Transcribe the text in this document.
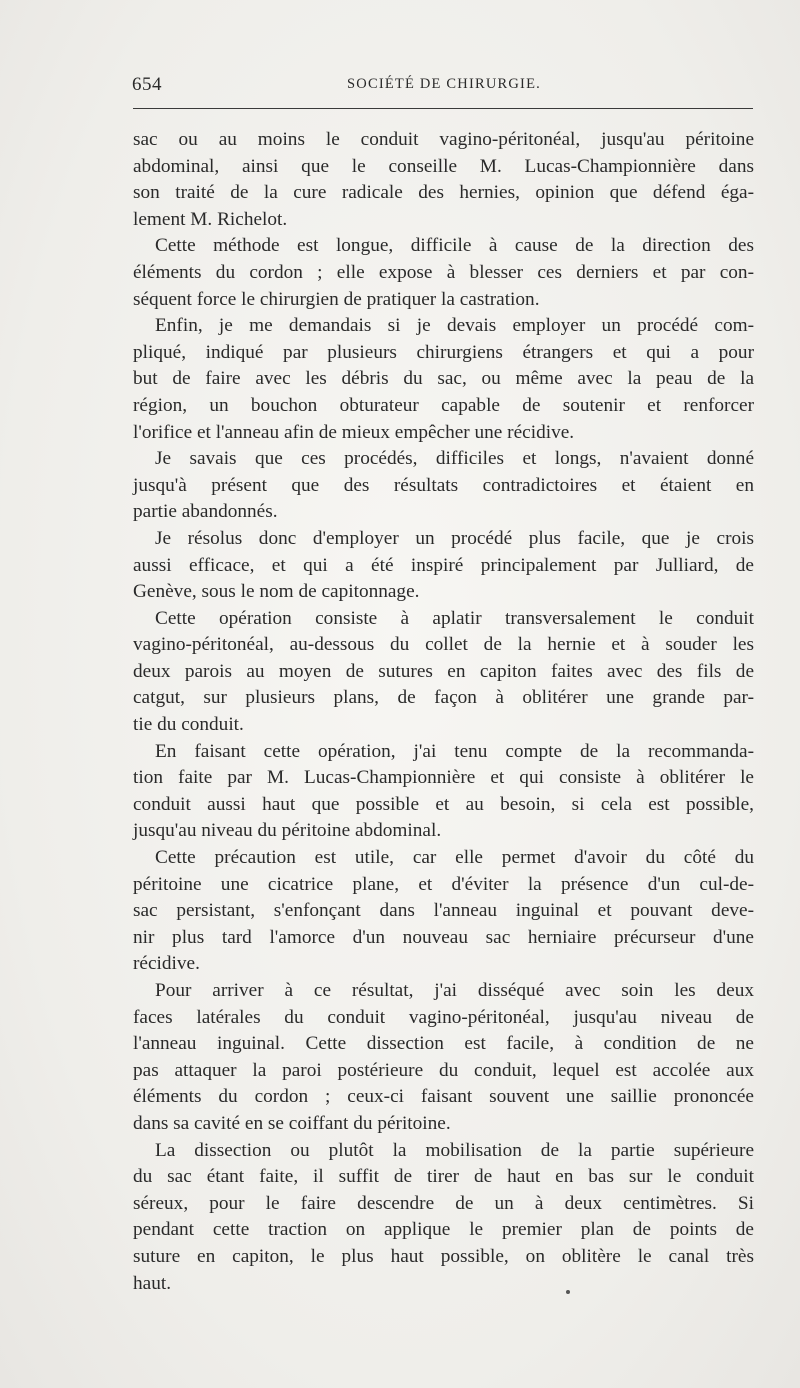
654	SOCIÉTÉ DE CHIRURGIE.
sac ou au moins le conduit vagino-péritonéal, jusqu'au péritoine
abdominal, ainsi que le conseille M. Lucas-Championnière dans
son traité de la cure radicale des hernies, opinion que défend éga-
lement M. Richelot.
Cette méthode est longue, difficile à cause de la direction des
éléments du cordon ; elle expose à blesser ces derniers et par con-
séquent force le chirurgien de pratiquer la castration.
Enfin, je me demandais si je devais employer un procédé com-
pliqué, indiqué par plusieurs chirurgiens étrangers et qui a pour
but de faire avec les débris du sac, ou même avec la peau de la
région, un bouchon obturateur capable de soutenir et renforcer
l'orifice et l'anneau afin de mieux empêcher une récidive.
Je savais que ces procédés, difficiles et longs, n'avaient donné
jusqu'à présent que des résultats contradictoires et étaient en
partie abandonnés.
Je résolus donc d'employer un procédé plus facile, que je crois
aussi efficace, et qui a été inspiré principalement par Julliard, de
Genève, sous le nom de capitonnage.
Cette opération consiste à aplatir transversalement le conduit
vagino-péritonéal, au-dessous du collet de la hernie et à souder les
deux parois au moyen de sutures en capiton faites avec des fils de
catgut, sur plusieurs plans, de façon à oblitérer une grande par-
tie du conduit.
En faisant cette opération, j'ai tenu compte de la recommanda-
tion faite par M. Lucas-Championnière et qui consiste à oblitérer le
conduit aussi haut que possible et au besoin, si cela est possible,
jusqu'au niveau du péritoine abdominal.
Cette précaution est utile, car elle permet d'avoir du côté du
péritoine une cicatrice plane, et d'éviter la présence d'un cul-de-
sac persistant, s'enfonçant dans l'anneau inguinal et pouvant deve-
nir plus tard l'amorce d'un nouveau sac herniaire précurseur d'une
récidive.
Pour arriver à ce résultat, j'ai disséqué avec soin les deux
faces latérales du conduit vagino-péritonéal, jusqu'au niveau de
l'anneau inguinal. Cette dissection est facile, à condition de ne
pas attaquer la paroi postérieure du conduit, lequel est accolée aux
éléments du cordon ; ceux-ci faisant souvent une saillie prononcée
dans sa cavité en se coiffant du péritoine.
La dissection ou plutôt la mobilisation de la partie supérieure
du sac étant faite, il suffit de tirer de haut en bas sur le conduit
séreux, pour le faire descendre de un à deux centimètres. Si
pendant cette traction on applique le premier plan de points de
suture en capiton, le plus haut possible, on oblitère le canal très
haut.
